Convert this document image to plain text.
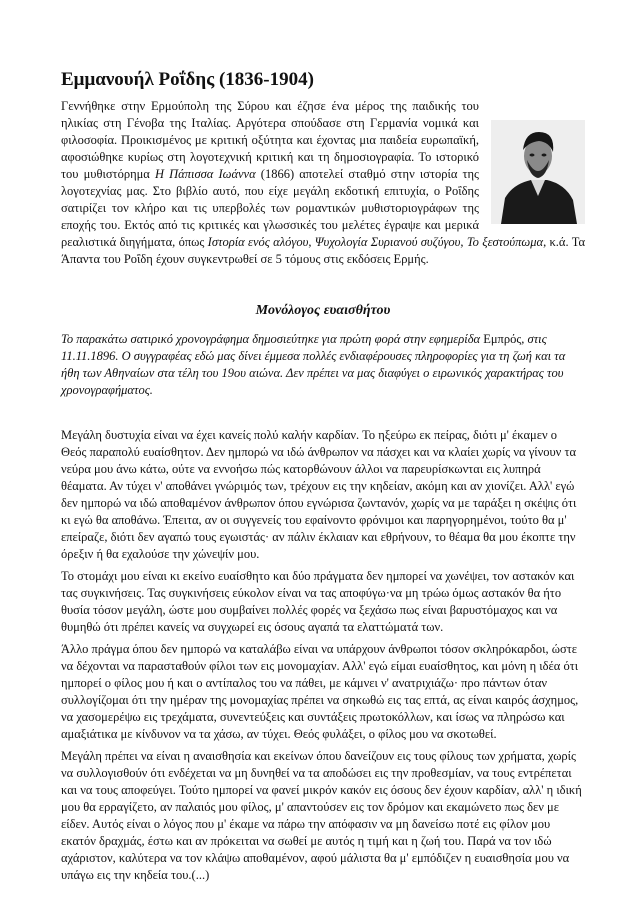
Εμμανουήλ Ροΐδης (1836-1904)
Γεννήθηκε στην Ερμούπολη της Σύρου και έζησε ένα μέρος της παιδικής του ηλικίας στη Γένοβα της Ιταλίας. Αργότερα σπούδασε στη Γερμανία νομικά και φιλοσοφία. Προικισμένος με κριτική οξύτητα και έχοντας μια παιδεία ευρωπαϊκή, αφοσιώθηκε κυρίως στη λογοτεχνική κριτική και τη δημοσιογραφία. Το ιστορικό του μυθιστόρημα Η Πάπισσα Ιωάννα (1866) αποτελεί σταθμό στην ιστορία της λογοτεχνίας μας. Στο βιβλίο αυτό, που είχε μεγάλη εκδοτική επιτυχία, ο Ροΐδης σατιρίζει τον κλήρο και τις υπερβολές των ρομαντικών μυθιστοριογράφων της εποχής του. Εκτός από τις κριτικές και γλωσσικές του μελέτες έγραψε και μερικά ρεαλιστικά διηγήματα, όπως Ιστορία ενός αλόγου, Ψυχολογία Συριανού συζύγου, Το ξεστούπωμα, κ.ά. Τα Άπαντα του Ροΐδη έχουν συγκεντρωθεί σε 5 τόμους στις εκδόσεις Ερμής.
Μονόλογος ευαισθήτου
Το παρακάτω σατιρικό χρονογράφημα δημοσιεύτηκε για πρώτη φορά στην εφημερίδα Εμπρός, στις 11.11.1896. Ο συγγραφέας εδώ μας δίνει έμμεσα πολλές ενδιαφέρουσες πληροφορίες για τη ζωή και τα ήθη των Αθηναίων στα τέλη του 19ου αιώνα. Δεν πρέπει να μας διαφύγει ο ειρωνικός χαρακτήρας του χρονογραφήματος.

Μεγάλη δυστυχία είναι να έχει κανείς πολύ καλήν καρδίαν. Το ηξεύρω εκ πείρας, διότι μ' έκαμεν ο Θεός παραπολύ ευαίσθητον. Δεν ημπορώ να ιδώ άνθρωπον να πάσχει και να κλαίει χωρίς να γίνουν τα νεύρα μου άνω κάτω, ούτε να εννοήσω πώς κατορθώνουν άλλοι να παρευρίσκωνται εις λυπηρά θέαματα. Αν τύχει ν' αποθάνει γνώριμός των, τρέχουν εις την κηδείαν, ακόμη και αν χιονίζει. Αλλ' εγώ δεν ημπορώ να ιδώ αποθαμένον άνθρωπον όπου εγνώρισα ζωντανόν, χωρίς να με ταράξει η σκέψις ότι κι εγώ θα αποθάνω. Έπειτα, αν οι συγγενείς του εφαίνοντο φρόνιμοι και παρηγορημένοι, τούτο θα μ' επείραζε, διότι δεν αγαπώ τους εγωιστάς· αν πάλιν έκλαιαν και εθρήνουν, το θέαμα θα μου έκοπτε την όρεξιν ή θα εχαλούσε την χώνεψίν μου.

Το στομάχι μου είναι κι εκείνο ευαίσθητο και δύο πράγματα δεν ημπορεί να χωνέψει, τον αστακόν και τας συγκινήσεις. Τας συγκινήσεις εύκολον είναι να τας αποφύγω·να μη τρώω όμως αστακόν θα ήτο θυσία τόσον μεγάλη, ώστε μου συμβαίνει πολλές φορές να ξεχάσω πως είναι βαρυστόμαχος και να θυμηθώ ότι πρέπει κανείς να συγχωρεί εις όσους αγαπά τα ελαττώματά των.

Άλλο πράγμα όπου δεν ημπορώ να καταλάβω είναι να υπάρχουν άνθρωποι τόσον σκληρόκαρδοι, ώστε να δέχονται να παρασταθούν φίλοι των εις μονομαχίαν. Αλλ' εγώ είμαι ευαίσθητος, και μόνη η ιδέα ότι ημπορεί ο φίλος μου ή και ο αντίπαλος του να πάθει, με κάμνει ν' ανατριχιάζω· προ πάντων όταν συλλογίζομαι ότι την ημέραν της μονομαχίας πρέπει να σηκωθώ εις τας επτά, ας είναι καιρός άσχημος, να χασομερέψω εις τρεχάματα, συνεντεύξεις και συντάξεις πρωτοκόλλων, και ίσως να πληρώσω και αμαξιάτικα με κίνδυνον να τα χάσω, αν τύχει. Θεός φυλάξει, ο φίλος μου να σκοτωθεί.

Μεγάλη πρέπει να είναι η αναισθησία και εκείνων όπου δανείζουν εις τους φίλους των χρήματα, χωρίς να συλλογισθούν ότι ενδέχεται να μη δυνηθεί να τα αποδώσει εις την προθεσμίαν, να τους εντρέπεται και να τους αποφεύγει. Τούτο ημπορεί να φανεί μικρόν κακόν εις όσους δεν έχουν καρδίαν, αλλ' η ιδική μου θα ερραγίζετο, αν παλαιός μου φίλος, μ' απαντούσεν εις τον δρόμον και εκαμώνετο πως δεν με είδεν. Αυτός είναι ο λόγος που μ' έκαμε να πάρω την απόφασιν να μη δανείσω ποτέ εις φίλον μου εκατόν δραχμάς, έστω και αν πρόκειται να σωθεί με αυτός η τιμή και η ζωή του. Παρά να τον ιδώ αχάριστον, καλύτερα να τον κλάψω αποθαμένον, αφού μάλιστα θα μ' εμπόδιζεν η ευαισθησία μου να υπάγω εις την κηδεία του.(...)
